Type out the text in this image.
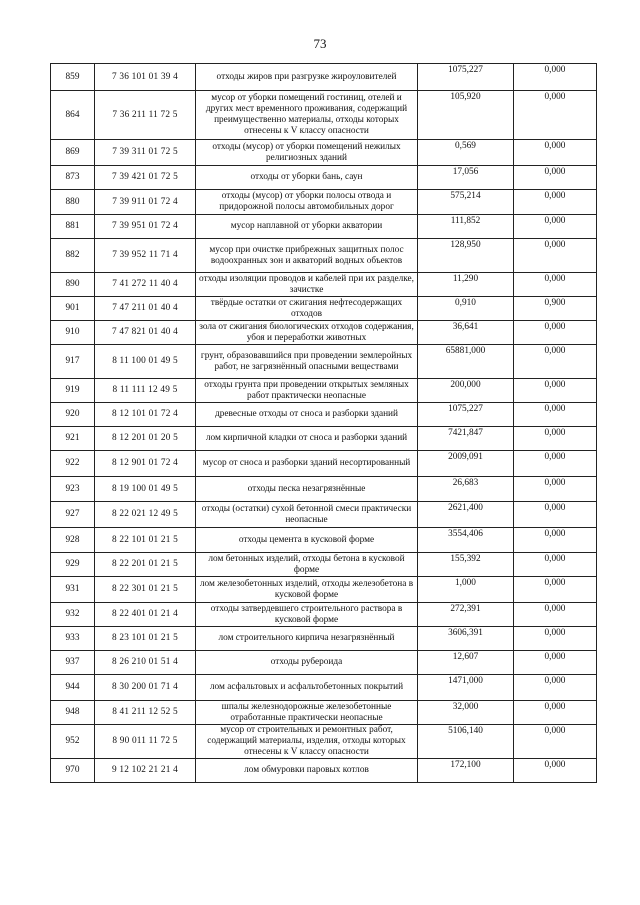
73
859	7 36 101 01 39 4	отходы жиров при разгрузке жироуловителей	1075,227	0,000
864	7 36 211 11 72 5	мусор от уборки помещений гостиниц, отелей и других мест временного проживания, содержащий преимущественно материалы, отходы которых отнесены к V классу опасности	105,920	0,000
869	7 39 311 01 72 5	отходы (мусор) от уборки помещений нежилых религиозных зданий	0,569	0,000
873	7 39 421 01 72 5	отходы от уборки бань, саун	17,056	0,000
880	7 39 911 01 72 4	отходы (мусор) от уборки полосы отвода и придорожной полосы автомобильных дорог	575,214	0,000
881	7 39 951 01 72 4	мусор наплавной от уборки акватории	111,852	0,000
882	7 39 952 11 71 4	мусор при очистке прибрежных защитных полос водоохранных зон и акваторий водных объектов	128,950	0,000
890	7 41 272 11 40 4	отходы изоляции проводов и кабелей при их разделке, зачистке	11,290	0,000
901	7 47 211 01 40 4	твёрдые остатки от сжигания нефтесодержащих отходов	0,910	0,900
910	7 47 821 01 40 4	зола от сжигания биологических отходов содержания, убоя и переработки животных	36,641	0,000
917	8 11 100 01 49 5	грунт, образовавшийся при проведении землеройных работ, не загрязнённый опасными веществами	65881,000	0,000
919	8 11 111 12 49 5	отходы грунта при проведении открытых земляных работ практически неопасные	200,000	0,000
920	8 12 101 01 72 4	древесные отходы от сноса и разборки зданий	1075,227	0,000
921	8 12 201 01 20 5	лом кирпичной кладки от сноса и разборки зданий	7421,847	0,000
922	8 12 901 01 72 4	мусор от сноса и разборки зданий несортированный	2009,091	0,000
923	8 19 100 01 49 5	отходы песка незагрязнённые	26,683	0,000
927	8 22 021 12 49 5	отходы (остатки) сухой бетонной смеси практически неопасные	2621,400	0,000
928	8 22 101 01 21 5	отходы цемента в кусковой форме	3554,406	0,000
929	8 22 201 01 21 5	лом бетонных изделий, отходы бетона в кусковой форме	155,392	0,000
931	8 22 301 01 21 5	лом железобетонных изделий, отходы железобетона в кусковой форме	1,000	0,000
932	8 22 401 01 21 4	отходы затвердевшего строительного раствора в кусковой форме	272,391	0,000
933	8 23 101 01 21 5	лом строительного кирпича незагрязнённый	3606,391	0,000
937	8 26 210 01 51 4	отходы рубероида	12,607	0,000
944	8 30 200 01 71 4	лом асфальтовых и асфальтобетонных покрытий	1471,000	0,000
948	8 41 211 12 52 5	шпалы железнодорожные железобетонные отработанные практически неопасные	32,000	0,000
952	8 90 011 11 72 5	мусор от строительных и ремонтных работ, содержащий материалы, изделия, отходы которых отнесены к V классу опасности	5106,140	0,000
970	9 12 102 21 21 4	лом обмуровки паровых котлов	172,100	0,000
